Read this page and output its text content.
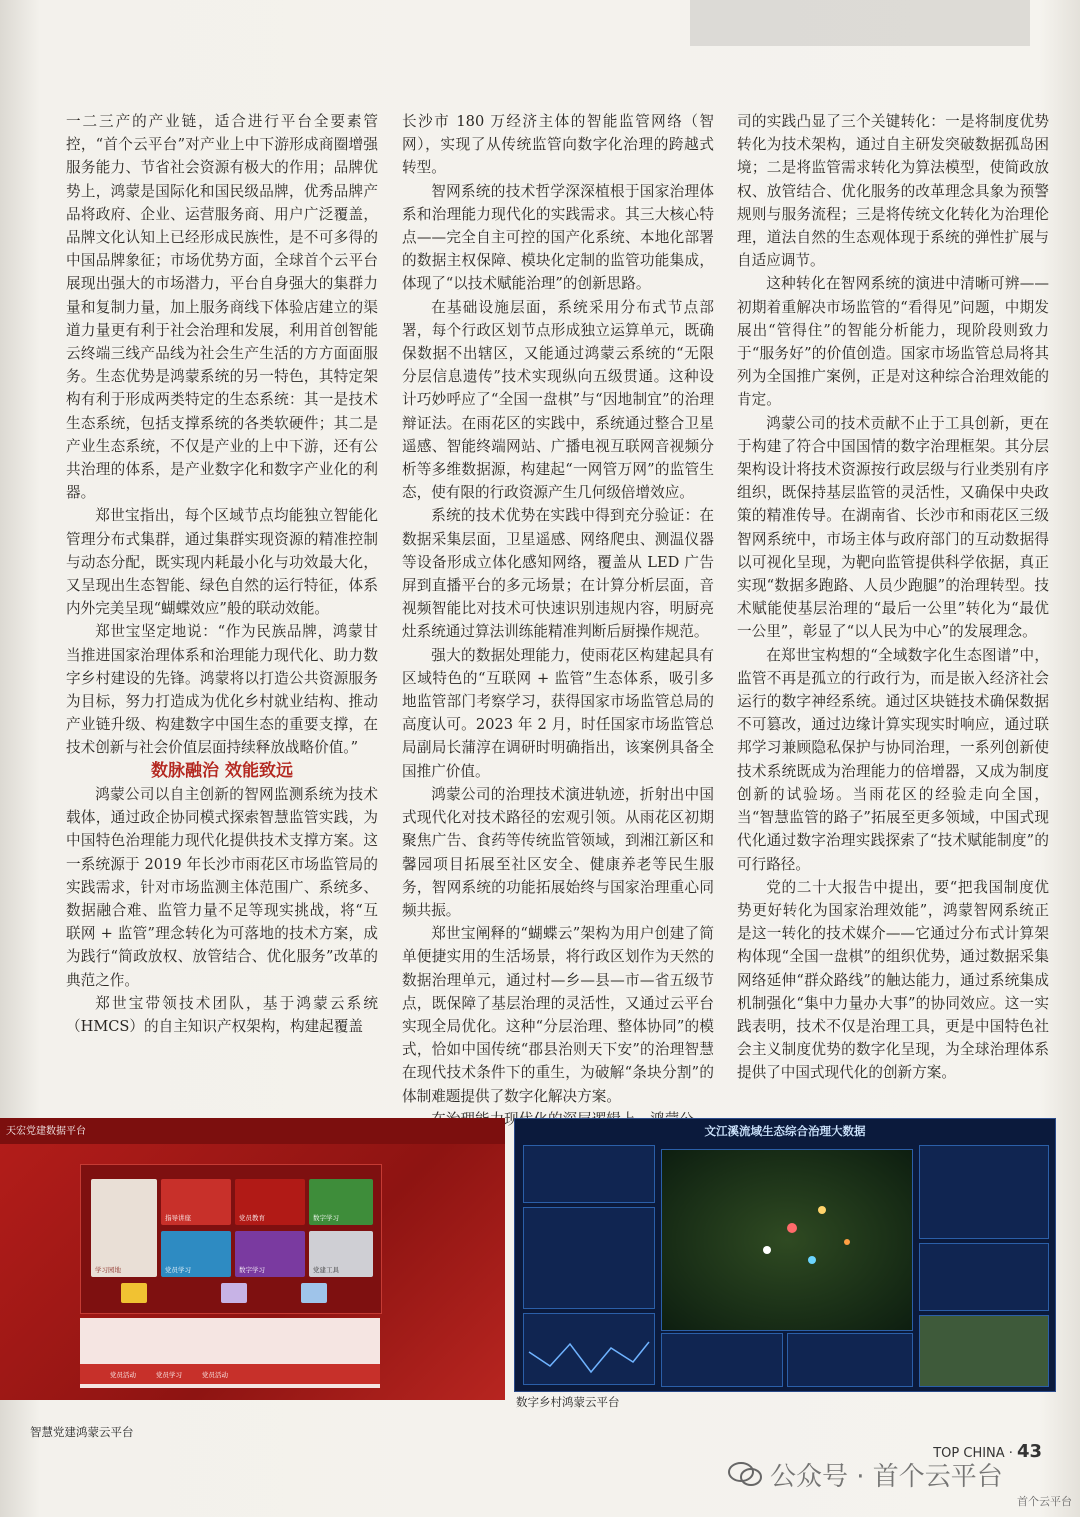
一二三产的产业链，适合进行平台全要素管控，“首个云平台”对产业上中下游形成商圈增强服务能力、节省社会资源有极大的作用；品牌优势上，鸿蒙是国际化和国民级品牌，优秀品牌产品将政府、企业、运营服务商、用户广泛覆盖，品牌文化认知上已经形成民族性，是不可多得的中国品牌象征；市场优势方面，全球首个云平台展现出强大的市场潜力，平台自身强大的集群力量和复制力量，加上服务商线下体验店建立的渠道力量更有利于社会治理和发展，利用首创智能云终端三线产品线为社会生产生活的方方面面服务。生态优势是鸿蒙系统的另一特色，其特定架构有利于形成两类特定的生态系统：其一是技术生态系统，包括支撑系统的各类软硬件；其二是产业生态系统，不仅是产业的上中下游，还有公共治理的体系，是产业数字化和数字产业化的利器。

郑世宝指出，每个区域节点均能独立智能化管理分布式集群，通过集群实现资源的精准控制与动态分配，既实现内耗最小化与功效最大化，又呈现出生态智能、绿色自然的运行特征，体系内外完美呈现“蝴蝶效应”般的联动效能。

郑世宝坚定地说：“作为民族品牌，鸿蒙甘当推进国家治理体系和治理能力现代化、助力数字乡村建设的先锋。鸿蒙将以打造公共资源服务为目标，努力打造成为优化乡村就业结构、推动产业链升级、构建数字中国生态的重要支撑，在技术创新与社会价值层面持续释放战略价值。”

数脉融治 效能致远

鸿蒙公司以自主创新的智网监测系统为技术载体，通过政企协同模式探索智慧监管实践，为中国特色治理能力现代化提供技术支撑方案。这一系统源于 2019 年长沙市雨花区市场监管局的实践需求，针对市场监测主体范围广、系统多、数据融合难、监管力量不足等现实挑战，将“互联网 + 监管”理念转化为可落地的技术方案，成为践行“简政放权、放管结合、优化服务”改革的典范之作。

郑世宝带领技术团队，基于鸿蒙云系统（HMCS）的自主知识产权架构，构建起覆盖

长沙市 180 万经济主体的智能监管网络（智网），实现了从传统监管向数字化治理的跨越式转型。

智网系统的技术哲学深深植根于国家治理体系和治理能力现代化的实践需求。其三大核心特点——完全自主可控的国产化系统、本地化部署的数据主权保障、模块化定制的监管功能集成，体现了“以技术赋能治理”的创新思路。

在基础设施层面，系统采用分布式节点部署，每个行政区划节点形成独立运算单元，既确保数据不出辖区，又能通过鸿蒙云系统的“无限分层信息遗传”技术实现纵向五级贯通。这种设计巧妙呼应了“全国一盘棋”与“因地制宜”的治理辩证法。在雨花区的实践中，系统通过整合卫星遥感、智能终端网站、广播电视互联网音视频分析等多维数据源，构建起“一网管万网”的监管生态，使有限的行政资源产生几何级倍增效应。

系统的技术优势在实践中得到充分验证：在数据采集层面，卫星遥感、网络爬虫、测温仪器等设备形成立体化感知网络，覆盖从 LED 广告屏到直播平台的多元场景；在计算分析层面，音视频智能比对技术可快速识别违规内容，明厨亮灶系统通过算法训练能精准判断后厨操作规范。

强大的数据处理能力，使雨花区构建起具有区域特色的“互联网 + 监管”生态体系，吸引多地监管部门考察学习，获得国家市场监管总局的高度认可。2023 年 2 月，时任国家市场监管总局副局长蒲淳在调研时明确指出，该案例具备全国推广价值。

鸿蒙公司的治理技术演进轨迹，折射出中国式现代化对技术路径的宏观引领。从雨花区初期聚焦广告、食药等传统监管领域，到湘江新区和馨园项目拓展至社区安全、健康养老等民生服务，智网系统的功能拓展始终与国家治理重心同频共振。

郑世宝阐释的“蝴蝶云”架构为用户创建了简单便捷实用的生活场景，将行政区划作为天然的数据治理单元，通过村—乡—县—市—省五级节点，既保障了基层治理的灵活性，又通过云平台实现全局优化。这种“分层治理、整体协同”的模式，恰如中国传统“郡县治则天下安”的治理智慧在现代技术条件下的重生，为破解“条块分割”的体制难题提供了数字化解决方案。

司的实践凸显了三个关键转化：一是将制度优势转化为技术架构，通过自主研发突破数据孤岛困境；二是将监管需求转化为算法模型，使简政放权、放管结合、优化服务的改革理念具象为预警规则与服务流程；三是将传统文化转化为治理伦理，道法自然的生态观体现于系统的弹性扩展与自适应调节。

这种转化在智网系统的演进中清晰可辨——初期着重解决市场监管的“看得见”问题，中期发展出“管得住”的智能分析能力，现阶段则致力于“服务好”的价值创造。国家市场监管总局将其列为全国推广案例，正是对这种综合治理效能的肯定。

鸿蒙公司的技术贡献不止于工具创新，更在于构建了符合中国国情的数字治理框架。其分层架构设计将技术资源按行政层级与行业类别有序组织，既保持基层监管的灵活性，又确保中央政策的精准传导。在湖南省、长沙市和雨花区三级智网系统中，市场主体与政府部门的互动数据得以可视化呈现，为靶向监管提供科学依据，真正实现“数据多跑路、人员少跑腿”的治理转型。技术赋能使基层治理的“最后一公里”转化为“最优一公里”，彰显了“以人民为中心”的发展理念。

在郑世宝构想的“全域数字化生态图谱”中，监管不再是孤立的行政行为，而是嵌入经济社会运行的数字神经系统。通过区块链技术确保数据不可篡改，通过边缘计算实现实时响应，通过联邦学习兼顾隐私保护与协同治理，一系列创新使技术系统既成为治理能力的倍增器，又成为制度创新的试验场。当雨花区的经验走向全国，当“智慧监管的路子”拓展至更多领域，中国式现代化通过数字治理实践探索了“技术赋能制度”的可行路径。

党的二十大报告中提出，要“把我国制度优势更好转化为国家治理效能”，鸿蒙智网系统正是这一转化的技术媒介——它通过分布式计算架构体现“全国一盘棋”的组织优势，通过数据采集网络延伸“群众路线”的触达能力，通过系统集成机制强化“集中力量办大事”的协同效应。这一实践表明，技术不仅是治理工具，更是中国特色社会主义制度优势的数字化呈现，为全球治理体系提供了中国式现代化的创新方案。

天宏党建数据平台
学习园地
指导讲座	党员教育	数字学习
党员学习	数字学习	党建工具
党员活动	党员学习	党员活动
智慧党建鸿蒙云平台
文江溪流域生态综合治理大数据
数字乡村鸿蒙云平台
TOP CHINA · 43
公众号 · 首个云平台
首个云平台
